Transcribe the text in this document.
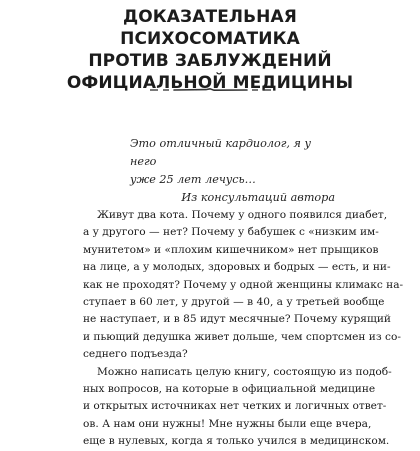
ДОКАЗАТЕЛЬНАЯ
ПСИХОСОМАТИКА
ПРОТИВ ЗАБЛУЖДЕНИЙ
ОФИЦИАЛЬНОЙ МЕДИЦИНЫ
Это отличный кардиолог, я у него
уже 25 лет лечусь…
Из консультаций автора
Живут два кота. Почему у одного появился диабет,
а у другого — нет? Почему у бабушек с «низким им-
мунитетом» и «плохим кишечником» нет прыщиков
на лице, а у молодых, здоровых и бодрых — есть, и ни-
как не проходят? Почему у одной женщины климакс на-
ступает в 60 лет, у другой — в 40, а у третьей вообще
не наступает, и в 85 идут месячные? Почему курящий
и пьющий дедушка живет дольше, чем спортсмен из со-
седнего подъезда?
Можно написать целую книгу, состоящую из подоб-
ных вопросов, на которые в официальной медицине
и открытых источниках нет четких и логичных ответ-
ов. А нам они нужны! Мне нужны были еще вчера,
еще в нулевых, когда я только учился в медицинском.
